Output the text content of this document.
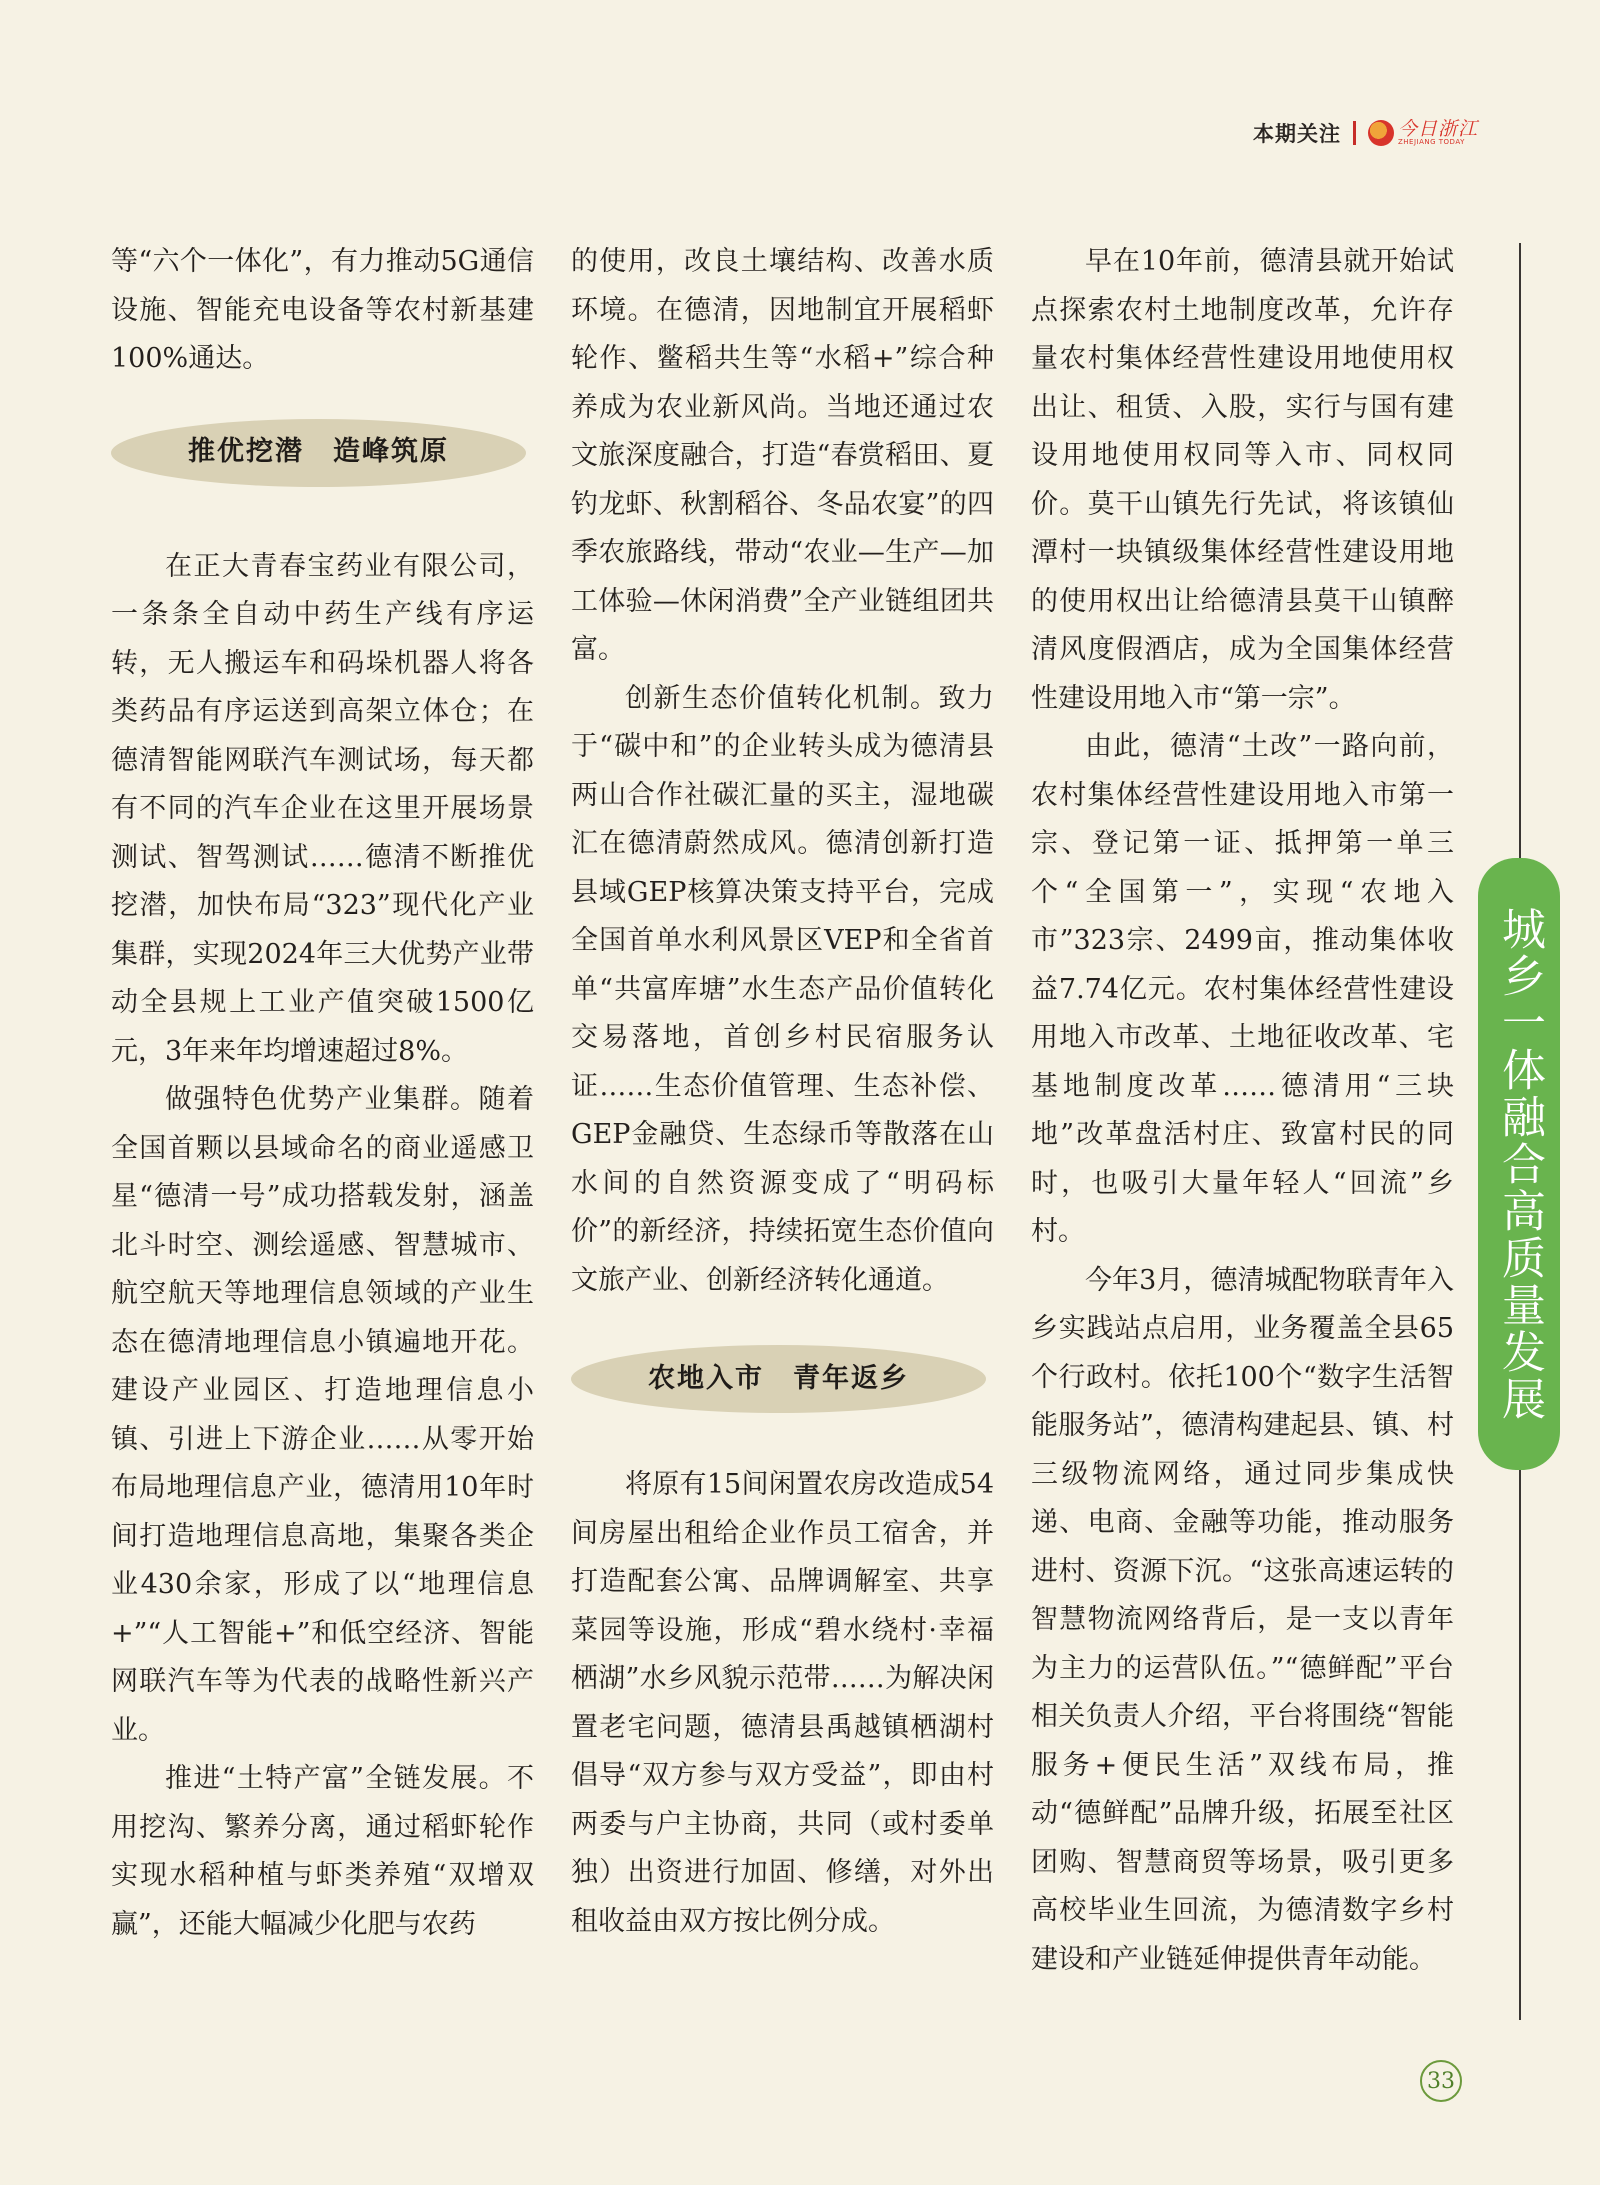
本期关注	今日浙江
ZHEJIANG TODAY

等“六个一体化”，有力推动5G通信设施、智能充电设备等农村新基建100%通达。

推优挖潜　造峰筑原

在正大青春宝药业有限公司，一条条全自动中药生产线有序运转，无人搬运车和码垛机器人将各类药品有序运送到高架立体仓；在德清智能网联汽车测试场，每天都有不同的汽车企业在这里开展场景测试、智驾测试……德清不断推优挖潜，加快布局“323”现代化产业集群，实现2024年三大优势产业带动全县规上工业产值突破1500亿元，3年来年均增速超过8%。

做强特色优势产业集群。随着全国首颗以县域命名的商业遥感卫星“德清一号”成功搭载发射，涵盖北斗时空、测绘遥感、智慧城市、航空航天等地理信息领域的产业生态在德清地理信息小镇遍地开花。建设产业园区、打造地理信息小镇、引进上下游企业……从零开始布局地理信息产业，德清用10年时间打造地理信息高地，集聚各类企业430余家，形成了以“地理信息+”“人工智能+”和低空经济、智能网联汽车等为代表的战略性新兴产业。

推进“土特产富”全链发展。不用挖沟、繁养分离，通过稻虾轮作实现水稻种植与虾类养殖“双增双赢”，还能大幅减少化肥与农药

的使用，改良土壤结构、改善水质环境。在德清，因地制宜开展稻虾轮作、鳖稻共生等“水稻+”综合种养成为农业新风尚。当地还通过农文旅深度融合，打造“春赏稻田、夏钓龙虾、秋割稻谷、冬品农宴”的四季农旅路线，带动“农业—生产—加工体验—休闲消费”全产业链组团共富。

创新生态价值转化机制。致力于“碳中和”的企业转头成为德清县两山合作社碳汇量的买主，湿地碳汇在德清蔚然成风。德清创新打造县域GEP核算决策支持平台，完成全国首单水利风景区VEP和全省首单“共富库塘”水生态产品价值转化交易落地，首创乡村民宿服务认证……生态价值管理、生态补偿、GEP金融贷、生态绿币等散落在山水间的自然资源变成了“明码标价”的新经济，持续拓宽生态价值向文旅产业、创新经济转化通道。

农地入市　青年返乡

将原有15间闲置农房改造成54间房屋出租给企业作员工宿舍，并打造配套公寓、品牌调解室、共享菜园等设施，形成“碧水绕村·幸福栖湖”水乡风貌示范带……为解决闲置老宅问题，德清县禹越镇栖湖村倡导“双方参与双方受益”，即由村两委与户主协商，共同（或村委单独）出资进行加固、修缮，对外出租收益由双方按比例分成。

早在10年前，德清县就开始试点探索农村土地制度改革，允许存量农村集体经营性建设用地使用权出让、租赁、入股，实行与国有建设用地使用权同等入市、同权同价。莫干山镇先行先试，将该镇仙潭村一块镇级集体经营性建设用地的使用权出让给德清县莫干山镇醉清风度假酒店，成为全国集体经营性建设用地入市“第一宗”。

由此，德清“土改”一路向前，农村集体经营性建设用地入市第一宗、登记第一证、抵押第一单三个“全国第一”，实现“农地入市”323宗、2499亩，推动集体收益7.74亿元。农村集体经营性建设用地入市改革、土地征收改革、宅基地制度改革……德清用“三块地”改革盘活村庄、致富村民的同时，也吸引大量年轻人“回流”乡村。

今年3月，德清城配物联青年入乡实践站点启用，业务覆盖全县65个行政村。依托100个“数字生活智能服务站”，德清构建起县、镇、村三级物流网络，通过同步集成快递、电商、金融等功能，推动服务进村、资源下沉。“这张高速运转的智慧物流网络背后，是一支以青年为主力的运营队伍。”“德鲜配”平台相关负责人介绍，平台将围绕“智能服务+便民生活”双线布局，推动“德鲜配”品牌升级，拓展至社区团购、智慧商贸等场景，吸引更多高校毕业生回流，为德清数字乡村建设和产业链延伸提供青年动能。

城乡一体融合高质量发展
33
